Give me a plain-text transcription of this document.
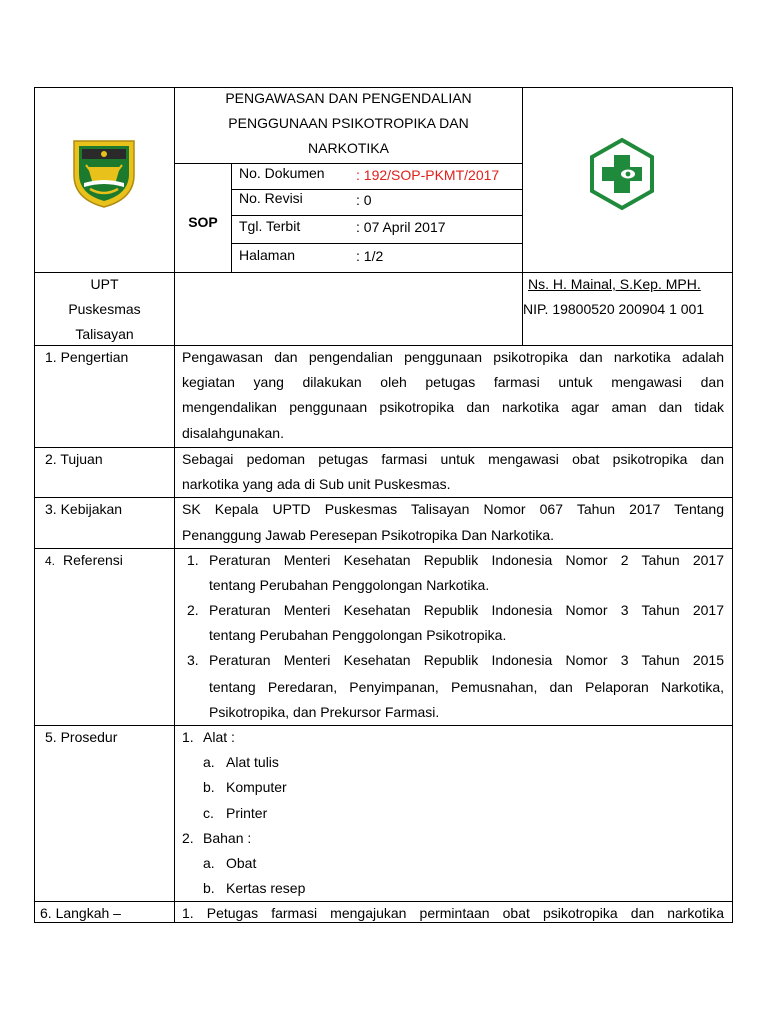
PENGAWASAN DAN PENGENDALIAN
PENGGUNAAN PSIKOTROPIKA DAN
NARKOTIKA
SOP
No. Dokumen : 192/SOP-PKMT/2017
No. Revisi	: 0
Tgl. Terbit	: 07 April 2017
Halaman	: 1/2
UPT
Puskesmas
Talisayan
Ns. H. Mainal, S.Kep. MPH.
NIP. 19800520 200904 1 001
1. Pengertian	Pengawasan dan pengendalian penggunaan psikotropika dan narkotika adalah
kegiatan yang dilakukan oleh petugas farmasi untuk mengawasi dan
mengendalikan penggunaan psikotropika dan narkotika agar aman dan tidak
disalahgunakan.
2. Tujuan	Sebagai pedoman petugas farmasi untuk mengawasi obat psikotropika dan
narkotika yang ada di Sub unit Puskesmas.
3. Kebijakan	SK Kepala UPTD Puskesmas Talisayan Nomor 067 Tahun 2017 Tentang
Penanggung Jawab Peresepan Psikotropika Dan Narkotika.
4. Referensi	1. Peraturan Menteri Kesehatan Republik Indonesia Nomor 2 Tahun 2017
tentang Perubahan Penggolongan Narkotika.
2. Peraturan Menteri Kesehatan Republik Indonesia Nomor 3 Tahun 2017
tentang Perubahan Penggolongan Psikotropika.
3. Peraturan Menteri Kesehatan Republik Indonesia Nomor 3 Tahun 2015
tentang Peredaran, Penyimpanan, Pemusnahan, dan Pelaporan Narkotika,
Psikotropika, dan Prekursor Farmasi.
5. Prosedur	1. Alat :
a. Alat tulis
b. Komputer
c. Printer
2. Bahan :
a. Obat
b. Kertas resep
6. Langkah –	1. Petugas farmasi mengajukan permintaan obat psikotropika dan narkotika
